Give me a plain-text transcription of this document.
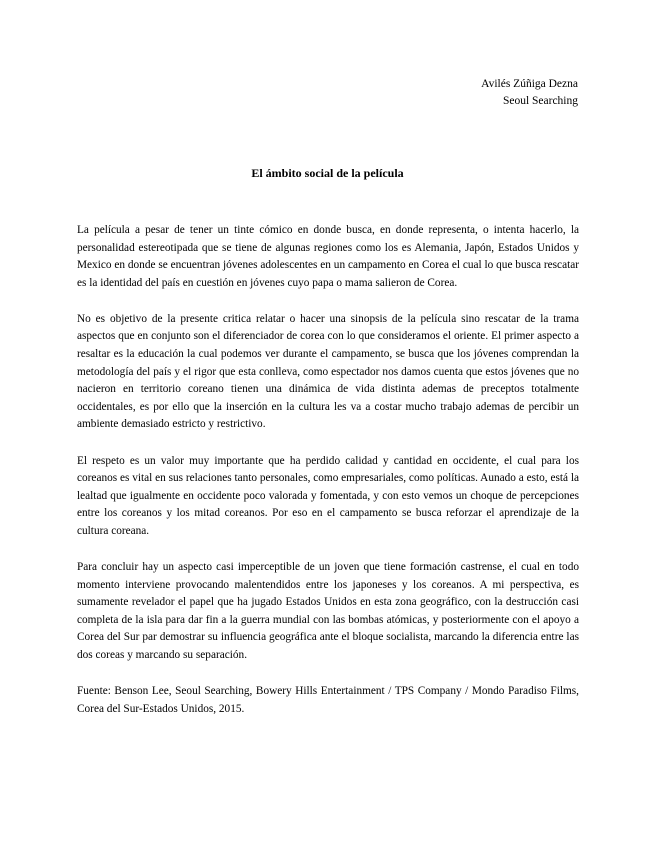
Avilés Zúñiga Dezna
Seoul Searching
El ámbito social de la película

La película a pesar de tener un tinte cómico en donde busca, en donde representa, o intenta hacerlo, la personalidad estereotipada que se tiene de algunas regiones como los es Alemania, Japón, Estados Unidos y Mexico en donde se encuentran jóvenes adolescentes en un campamento en Corea el cual lo que busca rescatar es la identidad del país en cuestión en jóvenes cuyo papa o mama salieron de Corea.

No es objetivo de la presente critica relatar o hacer una sinopsis de la película sino rescatar de la trama aspectos que en conjunto son el diferenciador de corea con lo que consideramos el oriente. El primer aspecto a resaltar es la educación la cual podemos ver durante el campamento, se busca que los jóvenes comprendan la metodología del país y el rigor que esta conlleva, como espectador nos damos cuenta que estos jóvenes que no nacieron en territorio coreano tienen una dinámica de vida distinta ademas de preceptos totalmente occidentales, es por ello que la inserción en la cultura les va a costar mucho trabajo ademas de percibir un ambiente demasiado estricto y restrictivo.

El respeto es un valor muy importante que ha perdido calidad y cantidad en occidente, el cual para los coreanos es vital en sus relaciones tanto personales, como empresariales, como políticas. Aunado a esto, está la lealtad que igualmente en occidente poco valorada y fomentada, y con esto vemos un choque de percepciones entre los coreanos y los mitad coreanos. Por eso en el campamento se busca reforzar el aprendizaje de la cultura coreana.

Para concluir hay un aspecto casi imperceptible de un joven que tiene formación castrense, el cual en todo momento interviene provocando malentendidos entre los japoneses y los coreanos. A mi perspectiva, es sumamente revelador el papel que ha jugado Estados Unidos en esta zona geográfico, con la destrucción casi completa de la isla para dar fin a la guerra mundial con las bombas atómicas, y posteriormente con el apoyo a Corea del Sur par demostrar su influencia geográfica ante el bloque socialista, marcando la diferencia entre las dos coreas y marcando su separación.

Fuente: Benson Lee, Seoul Searching, Bowery Hills Entertainment / TPS Company / Mondo Paradiso Films, Corea del Sur-Estados Unidos, 2015.
